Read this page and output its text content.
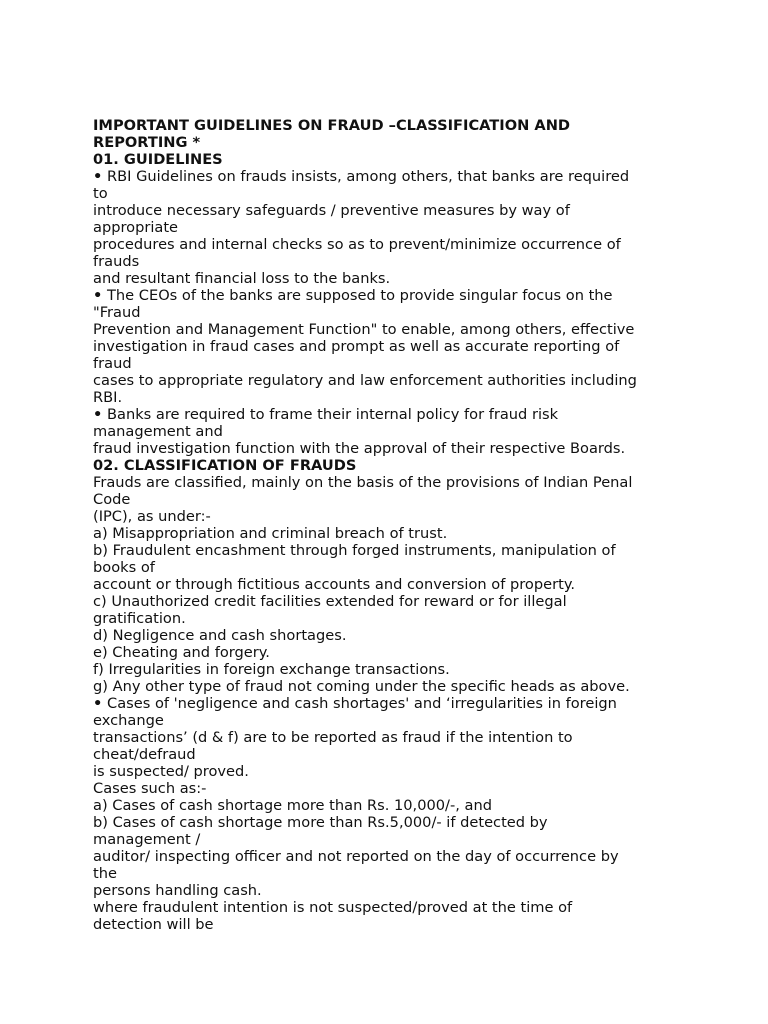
IMPORTANT GUIDELINES ON FRAUD –CLASSIFICATION AND
REPORTING *
01. GUIDELINES
• RBI Guidelines on frauds insists, among others, that banks are required
to
introduce necessary safeguards / preventive measures by way of
appropriate
procedures and internal checks so as to prevent/minimize occurrence of
frauds
and resultant financial loss to the banks.
• The CEOs of the banks are supposed to provide singular focus on the
"Fraud
Prevention and Management Function" to enable, among others, effective
investigation in fraud cases and prompt as well as accurate reporting of
fraud
cases to appropriate regulatory and law enforcement authorities including
RBI.
• Banks are required to frame their internal policy for fraud risk
management and
fraud investigation function with the approval of their respective Boards.
02. CLASSIFICATION OF FRAUDS
Frauds are classified, mainly on the basis of the provisions of Indian Penal
Code
(IPC), as under:-
a) Misappropriation and criminal breach of trust.
b) Fraudulent encashment through forged instruments, manipulation of
books of
account or through fictitious accounts and conversion of property.
c) Unauthorized credit facilities extended for reward or for illegal
gratification.
d) Negligence and cash shortages.
e) Cheating and forgery.
f) Irregularities in foreign exchange transactions.
g) Any other type of fraud not coming under the specific heads as above.
• Cases of 'negligence and cash shortages' and ‘irregularities in foreign
exchange
transactions’ (d & f) are to be reported as fraud if the intention to
cheat/defraud
is suspected/ proved.
Cases such as:-
a) Cases of cash shortage more than Rs. 10,000/-, and
b) Cases of cash shortage more than Rs.5,000/- if detected by
management /
auditor/ inspecting officer and not reported on the day of occurrence by
the
persons handling cash.
where fraudulent intention is not suspected/proved at the time of
detection will be
